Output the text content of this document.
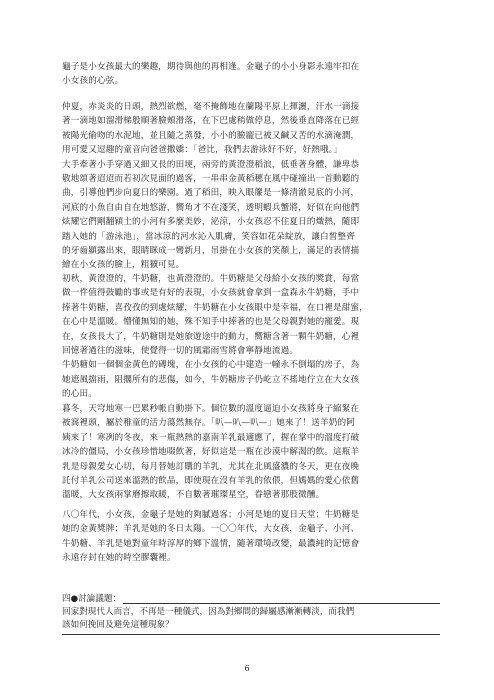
龜子是小女孩最大的樂趣，期待與他的再相逢。金龜子的小小身影永遠牢扣在
小女孩的心弦。

仲夏，赤炎炎的日頭，熱烈欲燃，毫不掩飾地在蘭陽平原上揮灑，汗水一滴接
著一滴地如溜滑梯般順著臉頰滑落，在下巴處稍做停息，然後垂直降落在已經
被陽光偷吻的水泥地，並且隨之蒸發，小小的臉龐已被又鹹又苦的水滴淹潤，
用可愛又逗趣的童音向爸爸撒嬌：「爸比，我們去游泳好不好，好熱哦。」
大手牽著小手穿過又細又長的田埂，兩旁的黃澄澄稻浪，低垂著身體，謙卑恭
敬地頌著迢迢而若初次見面的過客，一串串金黃稻穗在風中碰撞出一首動聽的
曲，引導他們步向夏日的樂園。過了稻田，映入眼簾是一條清澈見底的小河，
河底的小魚自由自在地悠游，嚮角才不在淺笑，透明蝦兵蟹將，好似在向他們
炫耀它們剛翻穎土的小河有多麼美妙，泌涼，小女孩忍不住夏日的熾熱，隨即
踏入她的「游泳池」，當冰涼的河水沁入肌膚，笑容如花朵綻放，讓白皙整齊
的牙齒顯露出來，眼睛眯成一彎新月，吊掛在小女孩的笑顏上，滿足的表情描
繪在小女孩的臉上，粗獷可見。

初秋，黃澄澄的，牛奶糖，也黃澄澄的。牛奶糖是父母給小女孩的獎賞，每當
做一件值得鼓勵的事或是有好的表現，小女孩就會拿到一盒森永牛奶糖，手中
捧著牛奶糖，喜孜孜的到處炫耀，牛奶糖在小女孩眼中是幸福，在口裡是甜蜜，
在心中是溫暖。懵懂無知的她，殊不知手中捧著的也是父母親對她的寵愛。現
在，女孩長大了，牛奶糖則是她旅遊途中的動力，嚮糖含著一顆牛奶糖，心裡
回憶著過往的滋味，使覺得一切的風霜雨雪將會寧靜地流過。
牛奶糖如一個個金黃色的磚塊，在小女孩的心中建造一幢永不倒塌的房子，為
她遮風擋雨，阻擱所有的悲傷，如今，牛奶糖房子仍屹立不搖地佇立在大女孩
的心田。

暮冬，天穹地寒一巴累秒帳自動掛下。個位數的溫度逼迫小女孩將身子縮緊在
被窩裡頭，屬於稚童的活力蕩然無存。「叭—叭—叭—」她來了！送羊奶的阿
姨來了！寒冽的冬夜，來一瓶熱熱的嘉南羊乳最適應了，握在掌中的溫度打破
冰冷的僵局，小女孩珍惜地啜飲著，好似這是一瓶在沙漠中解渴的飲。這瓶羊
乳是母親愛女心切，每月替她訂購的羊乳，尤其在北風盛濃的冬天，更在夜晚
託付羊乳公司送來溫熱的飲品，即使現在沒有羊乳的依偎，但媽媽的愛心依舊
溫暖，大女孩兩掌磨擦取暖，不自數著璀璨星空，眷戀著那股微醺。

八〇年代，小女孩，金龜子是她的夠膩過客；小河是她的夏日天堂；牛奶糖是
她的金黃獎牌；羊乳是她的冬日太陽。一〇〇年代，大女孩，金龜子、小河、
牛奶糖、羊乳是她對童年時淳厚的鄉下溫情，隨著環境改變，最濃純的記憶會
永遠存封在她的時空膠囊裡。

四●討論議題：

回家對現代人而言，不再是一種儀式，因為對鄉間的歸屬感漸漸轉淡，而我們
該如何挽回及避免這種現象？

6
